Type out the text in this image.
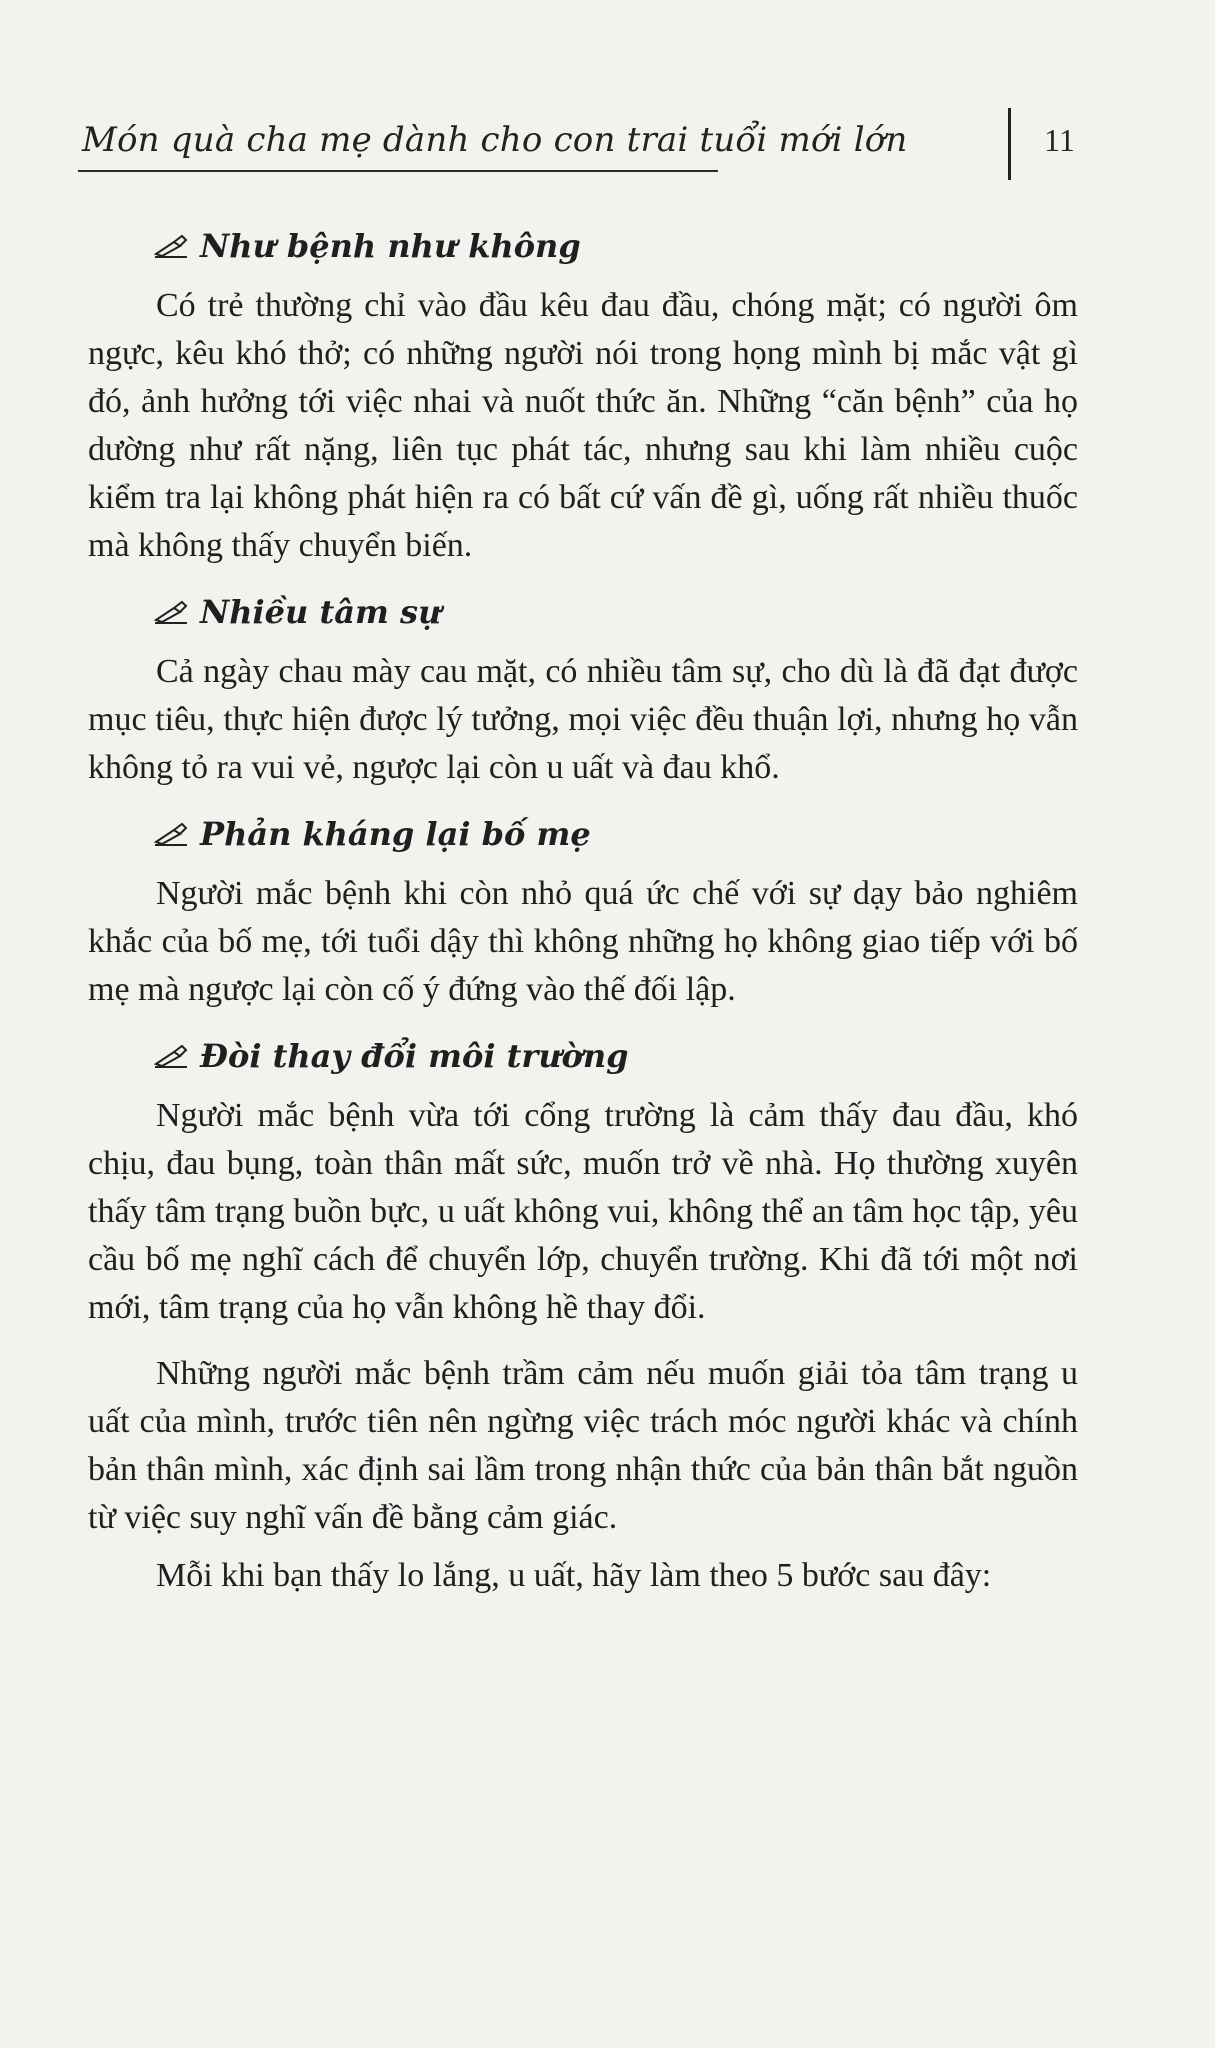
Món quà cha mẹ dành cho con trai tuổi mới lớn	11
Như bệnh như không

Có trẻ thường chỉ vào đầu kêu đau đầu, chóng mặt; có người ôm ngực, kêu khó thở; có những người nói trong họng mình bị mắc vật gì đó, ảnh hưởng tới việc nhai và nuốt thức ăn. Những “căn bệnh” của họ dường như rất nặng, liên tục phát tác, nhưng sau khi làm nhiều cuộc kiểm tra lại không phát hiện ra có bất cứ vấn đề gì, uống rất nhiều thuốc mà không thấy chuyển biến.

Nhiều tâm sự

Cả ngày chau mày cau mặt, có nhiều tâm sự, cho dù là đã đạt được mục tiêu, thực hiện được lý tưởng, mọi việc đều thuận lợi, nhưng họ vẫn không tỏ ra vui vẻ, ngược lại còn u uất và đau khổ.

Phản kháng lại bố mẹ

Người mắc bệnh khi còn nhỏ quá ức chế với sự dạy bảo nghiêm khắc của bố mẹ, tới tuổi dậy thì không những họ không giao tiếp với bố mẹ mà ngược lại còn cố ý đứng vào thế đối lập.

Đòi thay đổi môi trường

Người mắc bệnh vừa tới cổng trường là cảm thấy đau đầu, khó chịu, đau bụng, toàn thân mất sức, muốn trở về nhà. Họ thường xuyên thấy tâm trạng buồn bực, u uất không vui, không thể an tâm học tập, yêu cầu bố mẹ nghĩ cách để chuyển lớp, chuyển trường. Khi đã tới một nơi mới, tâm trạng của họ vẫn không hề thay đổi.

Những người mắc bệnh trầm cảm nếu muốn giải tỏa tâm trạng u uất của mình, trước tiên nên ngừng việc trách móc người khác và chính bản thân mình, xác định sai lầm trong nhận thức của bản thân bắt nguồn từ việc suy nghĩ vấn đề bằng cảm giác.

Mỗi khi bạn thấy lo lắng, u uất, hãy làm theo 5 bước sau đây:
